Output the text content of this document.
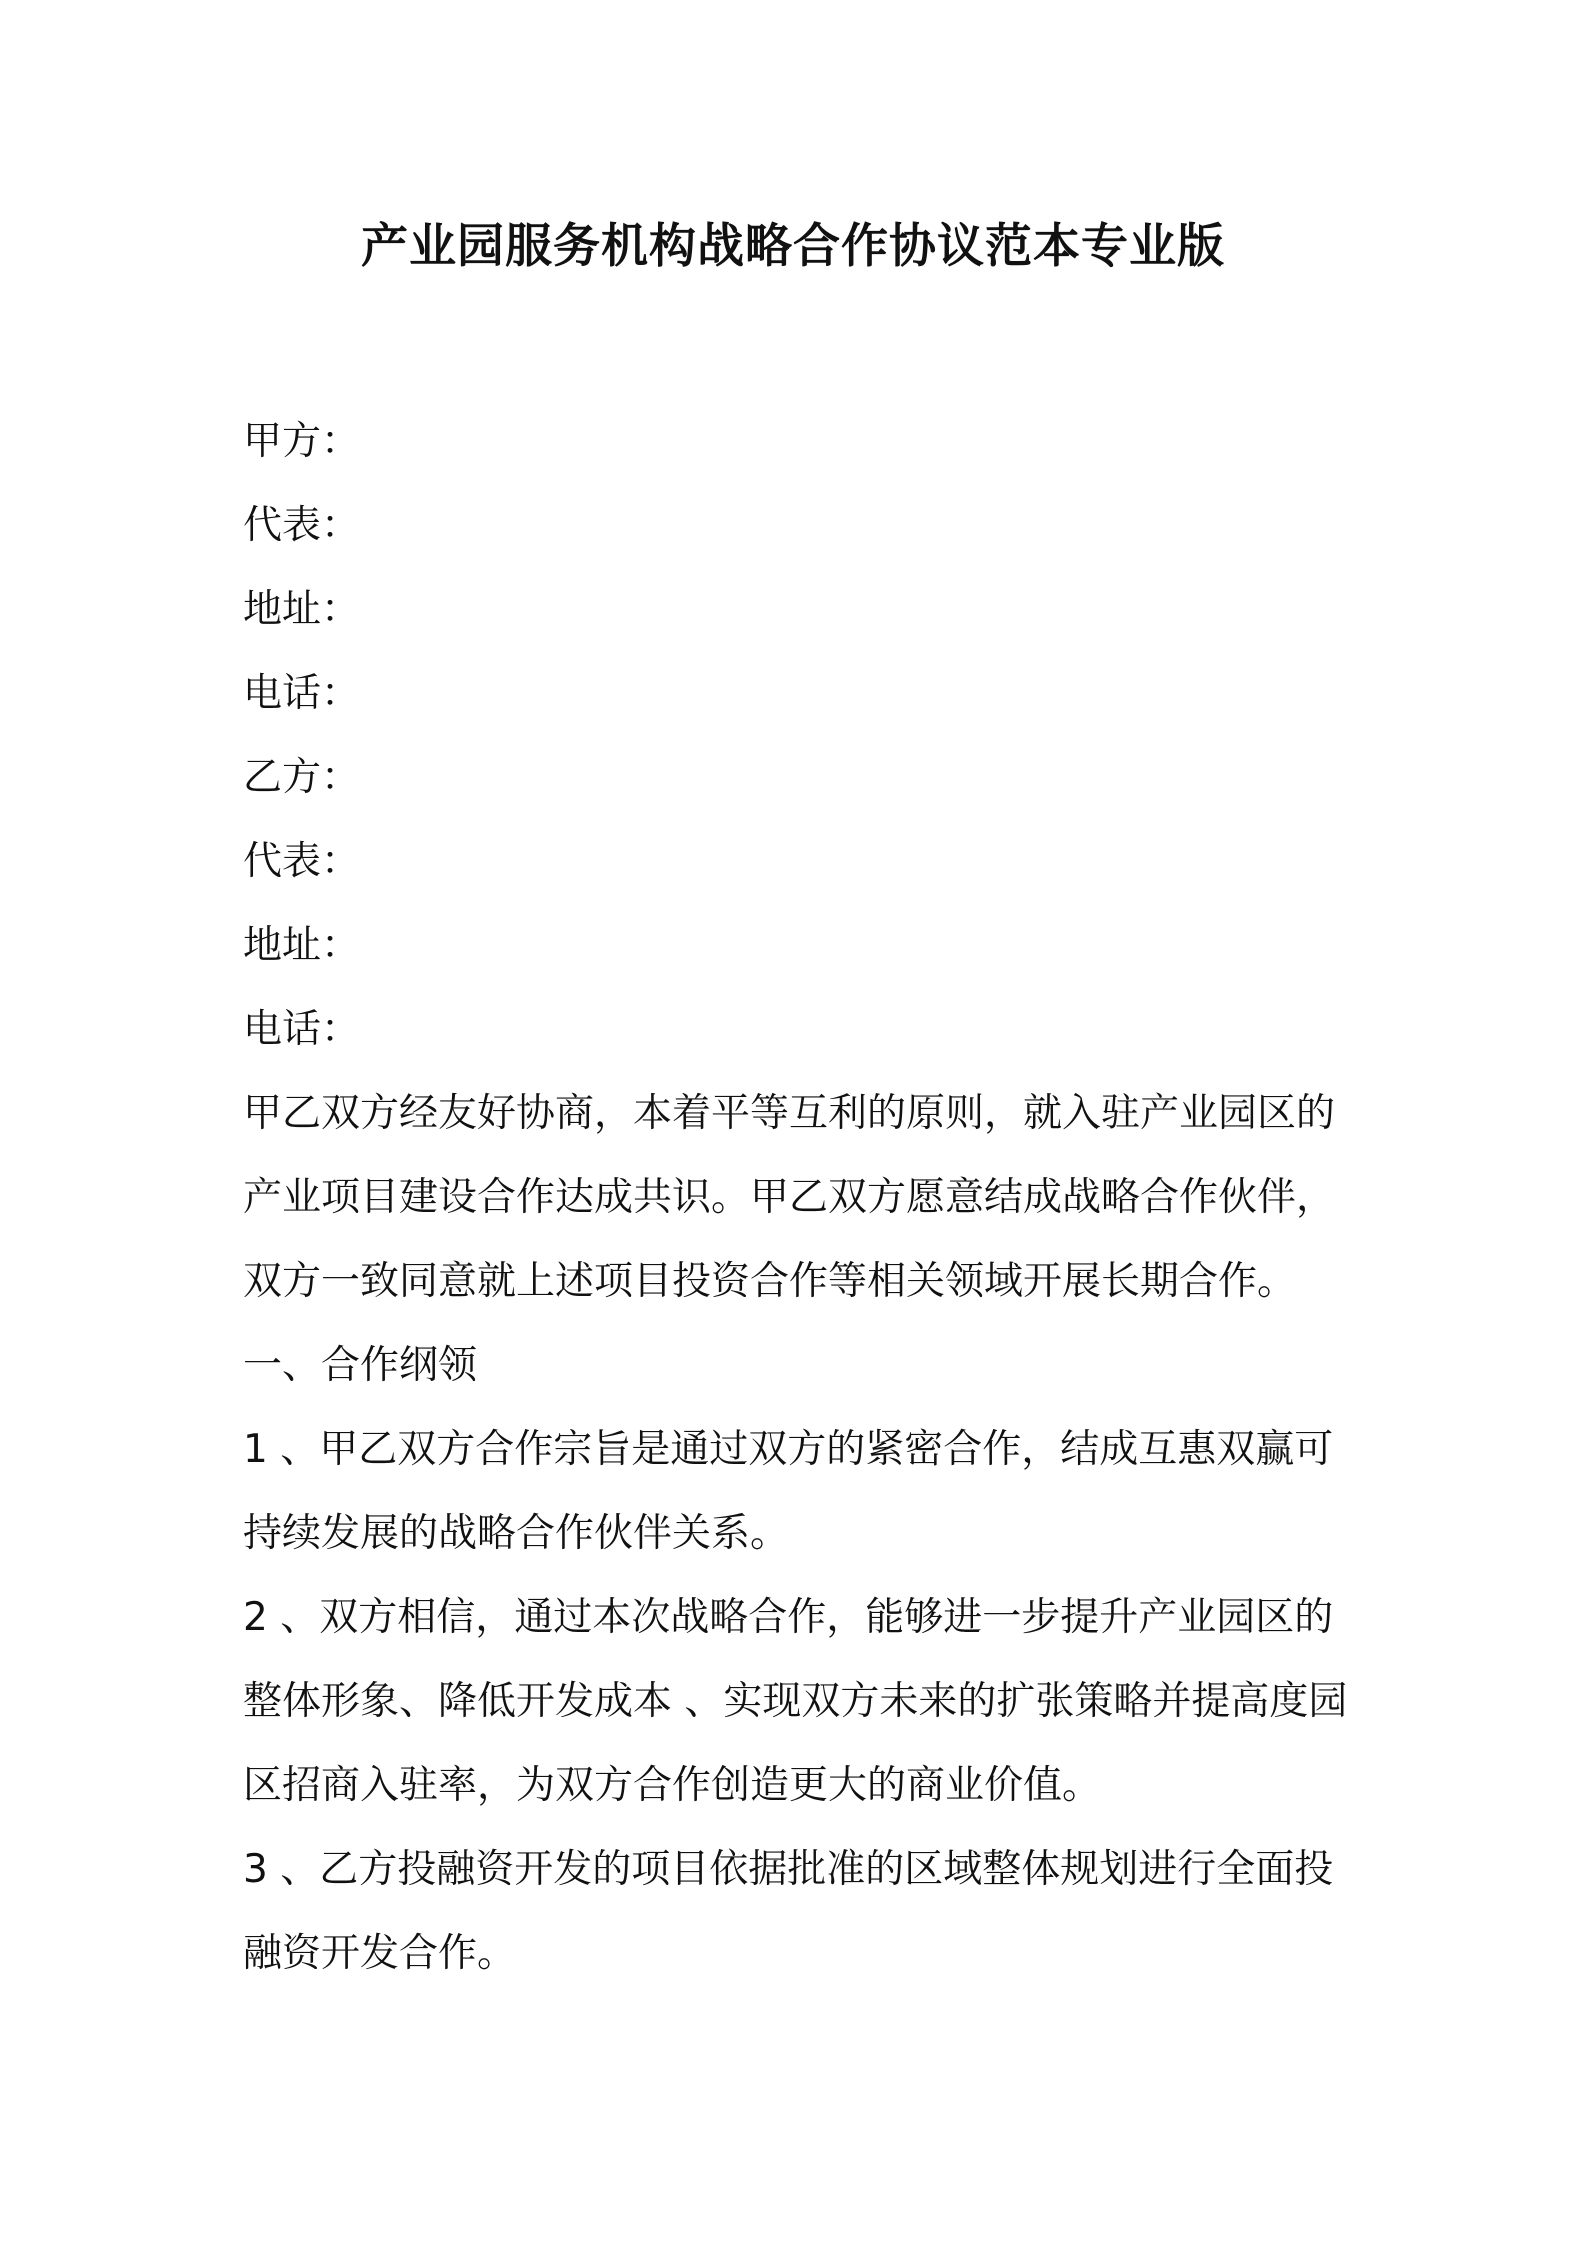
产业园服务机构战略合作协议范本专业版
甲方：
代表：
地址：
电话：
乙方：
代表：
地址：
电话：
甲乙双方经友好协商，本着平等互利的原则，就入驻产业园区的
产业项目建设合作达成共识。甲乙双方愿意结成战略合作伙伴，
双方一致同意就上述项目投资合作等相关领域开展长期合作。
一、合作纲领
1 、甲乙双方合作宗旨是通过双方的紧密合作，结成互惠双赢可
持续发展的战略合作伙伴关系。
2 、双方相信，通过本次战略合作，能够进一步提升产业园区的
整体形象、降低开发成本 、实现双方未来的扩张策略并提高度园
区招商入驻率，为双方合作创造更大的商业价值。
3 、乙方投融资开发的项目依据批准的区域整体规划进行全面投
融资开发合作。
